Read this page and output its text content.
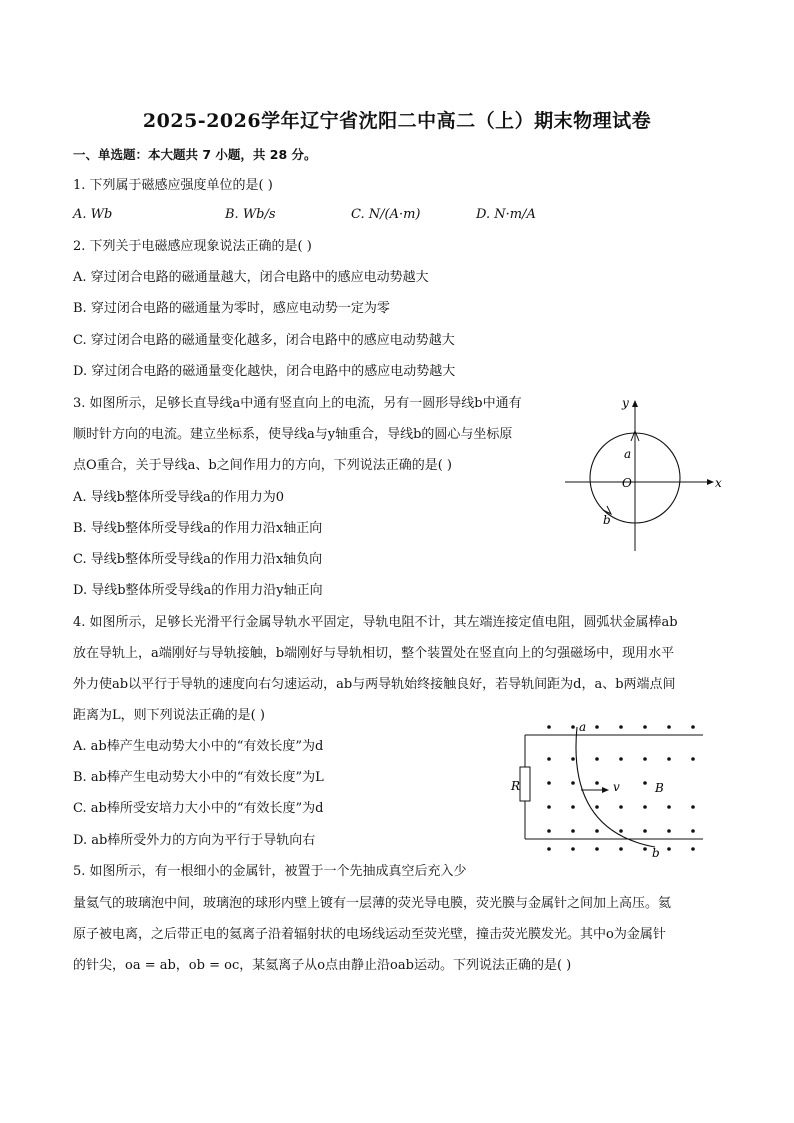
2025-2026学年辽宁省沈阳二中高二（上）期末物理试卷
一、单选题：本大题共 7 小题，共 28 分。
1. 下列属于磁感应强度单位的是( )
A. Wb	B. Wb/s	C. N/(A·m)	D. N·m/A
2. 下列关于电磁感应现象说法正确的是( )
A. 穿过闭合电路的磁通量越大，闭合电路中的感应电动势越大
B. 穿过闭合电路的磁通量为零时，感应电动势一定为零
C. 穿过闭合电路的磁通量变化越多，闭合电路中的感应电动势越大
D. 穿过闭合电路的磁通量变化越快，闭合电路中的感应电动势越大
3. 如图所示，足够长直导线a中通有竖直向上的电流，另有一圆形导线b中通有
顺时针方向的电流。建立坐标系，使导线a与y轴重合，导线b的圆心与坐标原
点O重合，关于导线a、b之间作用力的方向，下列说法正确的是( )
A. 导线b整体所受导线a的作用力为0
B. 导线b整体所受导线a的作用力沿x轴正向
C. 导线b整体所受导线a的作用力沿x轴负向
D. 导线b整体所受导线a的作用力沿y轴正向
y
x
O
a
b
4. 如图所示，足够长光滑平行金属导轨水平固定，导轨电阻不计，其左端连接定值电阻，圆弧状金属棒ab
放在导轨上，a端刚好与导轨接触，b端刚好与导轨相切，整个装置处在竖直向上的匀强磁场中，现用水平
外力使ab以平行于导轨的速度向右匀速运动，ab与两导轨始终接触良好，若导轨间距为d，a、b两端点间
距离为L，则下列说法正确的是( )
A. ab棒产生电动势大小中的“有效长度”为d
B. ab棒产生电动势大小中的“有效长度”为L
C. ab棒所受安培力大小中的“有效长度”为d
D. ab棒所受外力的方向为平行于导轨向右
R
a
b
v	B
5. 如图所示，有一根细小的金属针，被置于一个先抽成真空后充入少
量氦气的玻璃泡中间，玻璃泡的球形内壁上镀有一层薄的荧光导电膜，荧光膜与金属针之间加上高压。氦
原子被电离，之后带正电的氦离子沿着辐射状的电场线运动至荧光壁，撞击荧光膜发光。其中o为金属针
的针尖，oa = ab，ob = oc，某氦离子从o点由静止沿oab运动。下列说法正确的是( )
